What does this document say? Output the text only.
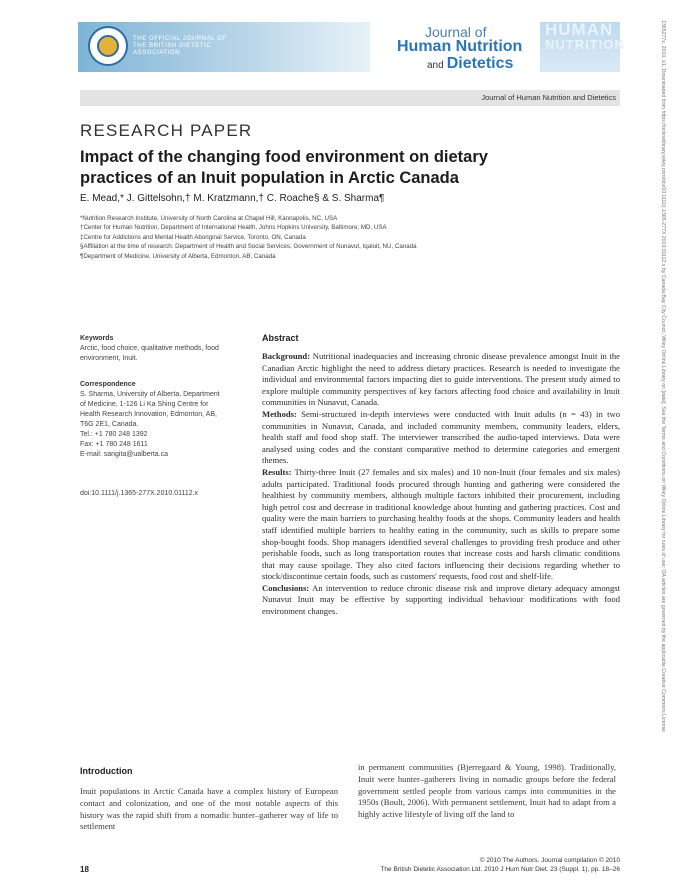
THE OFFICIAL JOURNAL OF
THE BRITISH DIETETIC
ASSOCIATION
Journal of
Human Nutrition
and Dietetics
HUMAN
NUTRITION
Journal of Human Nutrition and Dietetics
RESEARCH PAPER
Impact of the changing food environment on dietary practices of an Inuit population in Arctic Canada
E. Mead,* J. Gittelsohn,† M. Kratzmann,† C. Roache§ & S. Sharma¶
*Nutrition Research Institute, University of North Carolina at Chapel Hill, Kannapolis, NC, USA
†Center for Human Nutrition, Department of International Health, Johns Hopkins University, Baltimore, MD, USA
‡Centre for Addictions and Mental Health Aboriginal Service, Toronto, ON, Canada
§Affiliation at the time of research: Department of Health and Social Services, Government of Nunavut, Iqaluit, NU, Canada
¶Department of Medicine, University of Alberta, Edmonton, AB, Canada
Keywords
Arctic, food choice, qualitative methods, food environment, Inuit.
Correspondence
S. Sharma, University of Alberta, Department
of Medicine, 1-126 Li Ka Shing Centre for
Health Research Innovation, Edmonton, AB,
T6G 2E1, Canada.
Tel.: +1 780 248 1392
Fax: +1 780 248 1611
E-mail: sangita@ualberta.ca
doi:10.1111/j.1365-277X.2010.01112.x
Abstract

Background: Nutritional inadequacies and increasing chronic disease prevalence amongst Inuit in the Canadian Arctic highlight the need to address dietary practices. Research is needed to investigate the individual and environmental factors impacting diet to guide interventions. The present study aimed to explore multiple community perspectives of key factors affecting food choice and availability in Inuit communities in Nunavut, Canada.

Methods: Semi-structured in-depth interviews were conducted with Inuit adults (n = 43) in two communities in Nunavut, Canada, and included community members, community leaders, elders, health staff and food shop staff. The interviewer transcribed the audio-taped interviews. Data were analysed using codes and the constant comparative method to determine categories and emergent themes.

Results: Thirty-three Inuit (27 females and six males) and 10 non-Inuit (four females and six males) adults participated. Traditional foods procured through hunting and gathering were considered the healthiest by community members, although multiple factors inhibited their procurement, including high petrol cost and decrease in traditional knowledge about hunting and gathering practices. Cost and quality were the main barriers to purchasing healthy foods at the shops. Community leaders and health staff identified multiple barriers to healthy eating in the community, such as skills to prepare some shop-bought foods. Shop managers identified several challenges to providing fresh produce and other perishable foods, such as long transportation routes that increase costs and harsh climatic conditions that may cause spoilage. They also cited factors influencing their decisions regarding whether to stock/discontinue certain foods, such as customers' requests, food cost and shelf-life.

Conclusions: An intervention to reduce chronic disease risk and improve dietary adequacy amongst Nunavut Inuit may be effective by supporting individual behaviour modifications with food environment changes.

Introduction
Inuit populations in Arctic Canada have a complex history of European contact and colonization, and one of the most notable aspects of this history was the rapid shift from a nomadic hunter–gatherer way of life to settlement
in permanent communities (Bjerregaard & Young, 1998). Traditionally, Inuit were hunter–gatherers living in nomadic groups before the federal government settled people from various camps into communities in the 1950s (Boult, 2006). With permanent settlement, Inuit had to adapt from a highly active lifestyle of living off the land to
18
© 2010 The Authors. Journal compilation © 2010
The British Dietetic Association Ltd. 2010 J Hum Nutr Diet. 23 (Suppl. 1), pp. 18–26
1365277x, 2010, s1, Downloaded from https://onlinelibrary.wiley.com/doi/10.1111/j.1365-277X.2010.01112.x by Canada Bay City Council, Wiley Online Library on [date]. See the Terms and Conditions on Wiley Online Library for rules of use; OA articles are governed by the applicable Creative Commons License
